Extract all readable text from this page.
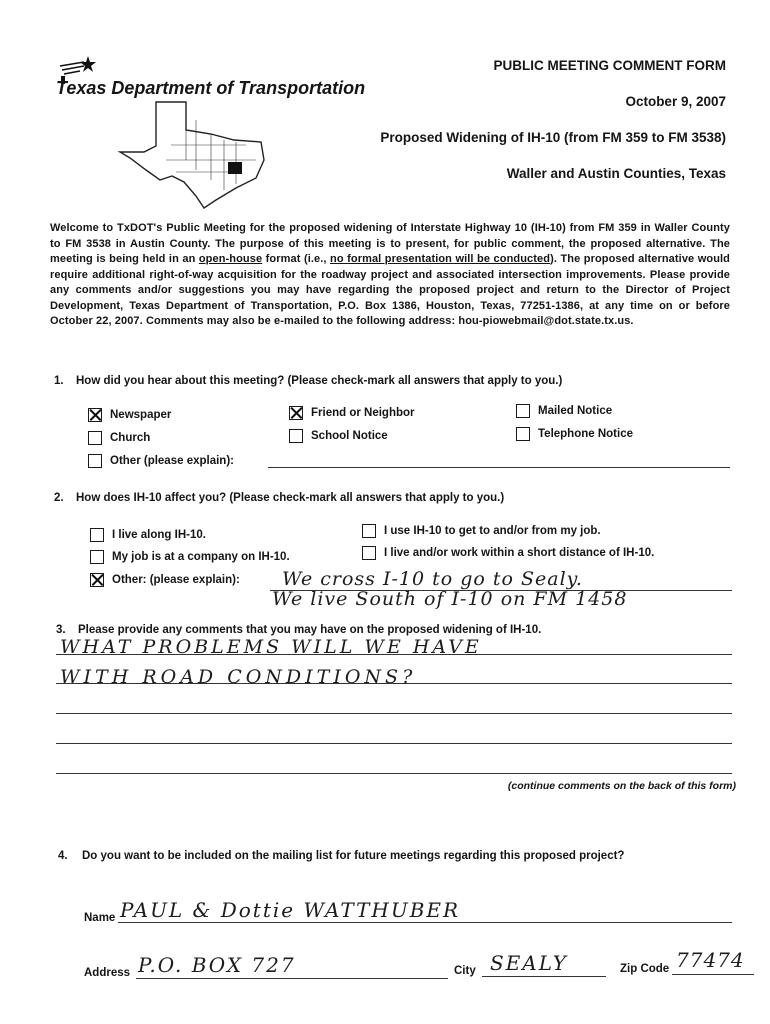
Texas Department of Transportation
PUBLIC MEETING COMMENT FORM
October 9, 2007
Proposed Widening of IH-10 (from FM 359 to FM 3538)
Waller and Austin Counties, Texas
Welcome to TxDOT's Public Meeting for the proposed widening of Interstate Highway 10 (IH-10) from FM 359 in Waller County to FM 3538 in Austin County. The purpose of this meeting is to present, for public comment, the proposed alternative. The meeting is being held in an open-house format (i.e., no formal presentation will be conducted). The proposed alternative would require additional right-of-way acquisition for the roadway project and associated intersection improvements. Please provide any comments and/or suggestions you may have regarding the proposed project and return to the Director of Project Development, Texas Department of Transportation, P.O. Box 1386, Houston, Texas, 77251-1386, at any time on or before October 22, 2007. Comments may also be e-mailed to the following address: hou-piowebmail@dot.state.tx.us.
1. How did you hear about this meeting? (Please check-mark all answers that apply to you.)
Newspaper	Friend or Neighbor	Mailed Notice
Church	School Notice	Telephone Notice
Other (please explain):
2. How does IH-10 affect you? (Please check-mark all answers that apply to you.)
I live along IH-10.	I use IH-10 to get to and/or from my job.
My job is at a company on IH-10.	I live and/or work within a short distance of IH-10.
Other: (please explain): We cross I-10 to go to Sealy.
We live South of I-10 on FM 1458
3. Please provide any comments that you may have on the proposed widening of IH-10.
WHAT PROBLEMS WILL WE HAVE
WITH ROAD CONDITIONS?
(continue comments on the back of this form)
4. Do you want to be included on the mailing list for future meetings regarding this proposed project?
Name PAUL & Dottie WATTHUBER
Address P.O. BOX 727	City SEALY	Zip Code 77474
